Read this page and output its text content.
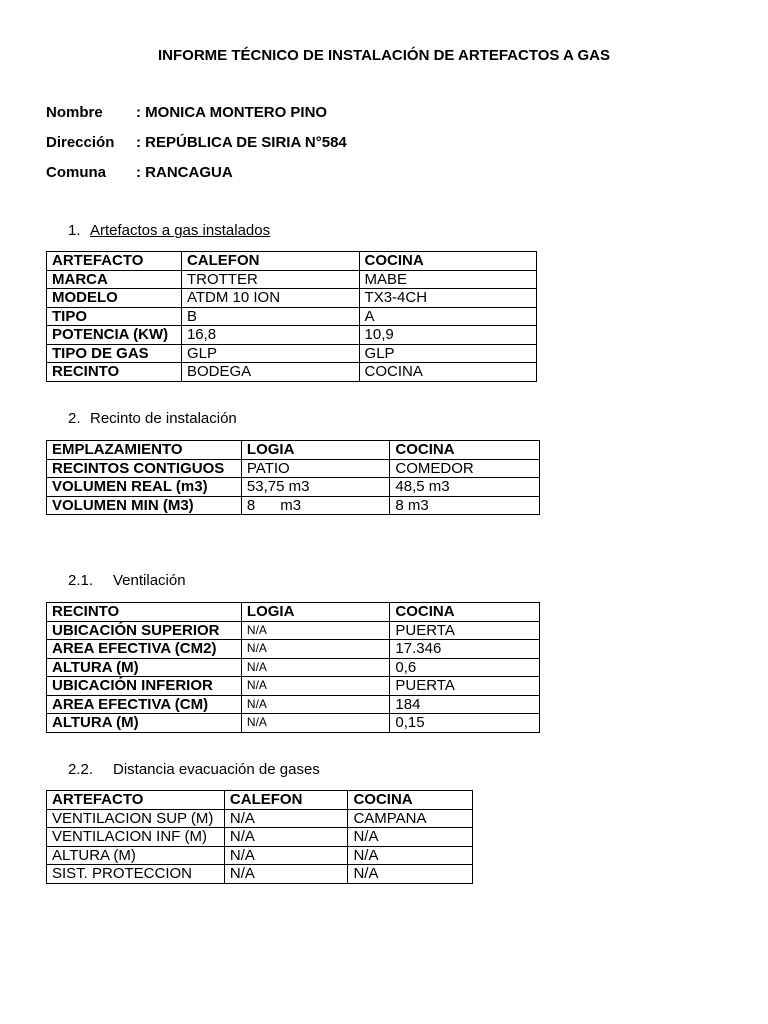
INFORME TÉCNICO DE INSTALACIÓN DE ARTEFACTOS A GAS
Nombre : MONICA MONTERO PINO
Dirección : REPÚBLICA DE SIRIA N°584
Comuna : RANCAGUA
1. Artefactos a gas instalados
ARTEFACTO	CALEFON	COCINA
MARCA	TROTTER	MABE
MODELO	ATDM 10 ION	TX3-4CH
TIPO	B	A
POTENCIA (KW)	16,8	10,9
TIPO DE GAS	GLP	GLP
RECINTO	BODEGA	COCINA
2. Recinto de instalación
EMPLAZAMIENTO	LOGIA	COCINA
RECINTOS CONTIGUOS	PATIO	COMEDOR
VOLUMEN REAL (m3)	53,75 m3	48,5 m3
VOLUMEN MIN (M3)	8      m3	8 m3
2.1. Ventilación
RECINTO	LOGIA	COCINA
UBICACIÓN SUPERIOR	N/A	PUERTA
AREA EFECTIVA (CM2)	N/A	17.346
ALTURA (M)	N/A	0,6
UBICACIÓN INFERIOR	N/A	PUERTA
AREA EFECTIVA (CM)	N/A	184
ALTURA (M)	N/A	0,15
2.2. Distancia evacuación de gases
ARTEFACTO	CALEFON	COCINA
VENTILACION SUP (M)	N/A	CAMPANA
VENTILACION INF (M)	N/A	N/A
ALTURA (M)	N/A	N/A
SIST. PROTECCION	N/A	N/A
